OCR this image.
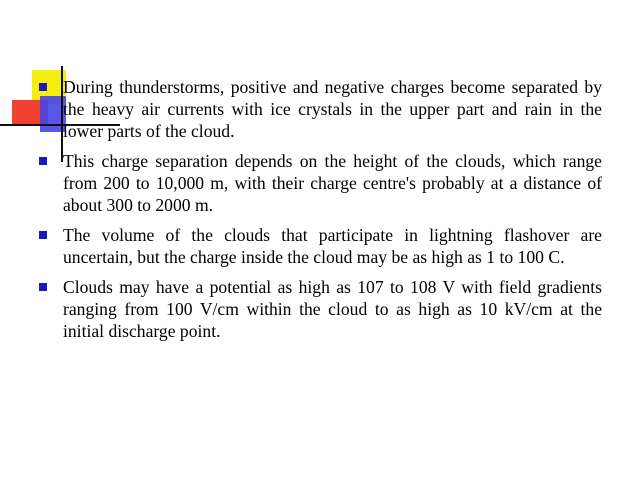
During thunderstorms, positive and negative charges become separated by the heavy air currents with ice crystals in the upper part and rain in the lower parts of the cloud.
This charge separation depends on the height of the clouds, which range from 200 to 10,000 m, with their charge centre's probably at a distance of about 300 to 2000 m.
The volume of the clouds that participate in lightning flashover are uncertain, but the charge inside the cloud may be as high as 1 to 100 C.
Clouds may have a potential as high as 107 to 108 V with field gradients ranging from 100 V/cm within the cloud to as high as 10 kV/cm at the initial discharge point.
